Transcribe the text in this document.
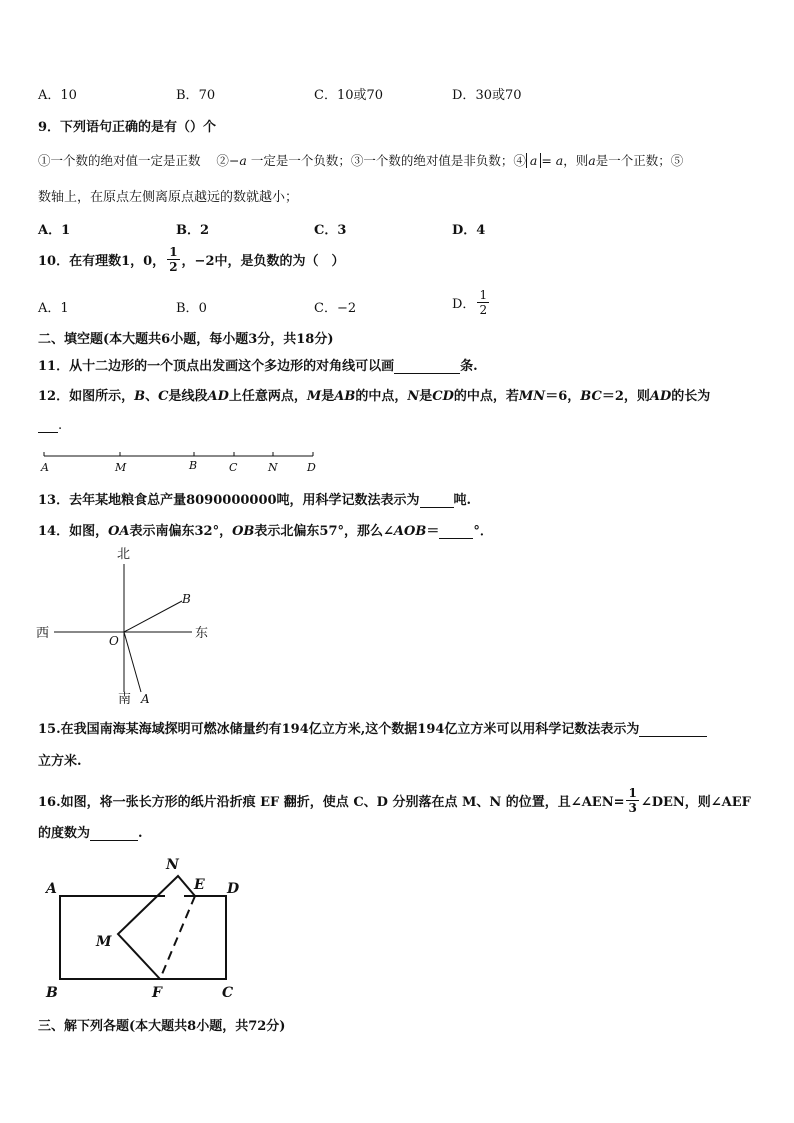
A．10	B．70	C．10或70	D．30或70
9．下列语句正确的是有（）个
①一个数的绝对值一定是正数 ②−a 一定是一个负数；③一个数的绝对值是非负数；④ a = a，则a是一个正数；⑤
数轴上，在原点左侧离原点越远的数就越小；
A．1	B．2	C．3	D．4
10．在有理数1，0， $\frac{1}{2}$ ，−2中，是负数的为（　）
A．1	B．0	C．−2	D． $\frac{1}{2}$
二、填空题(本大题共6小题，每小题3分，共18分)
11．从十二边形的一个顶点出发画这个多边形的对角线可以画	条.
12．如图所示，B、C是线段AD上任意两点，M是AB的中点，N是CD的中点，若MN＝6，BC＝2，则AD的长为
.
A	M	B	C	N	D
13．去年某地粮食总产量8090000000吨，用科学记数法表示为	吨.
14．如图，OA表示南偏东32°，OB表示北偏东57°，那么∠AOB＝	°．
北
南
西	东
O
A
B
15.在我国南海某海域探明可燃冰储量约有194亿立方米,这个数据194亿立方米可以用科学记数法表示为
立方米.
16.如图，将一张长方形的纸片沿折痕 EF 翻折，使点 C、D 分别落在点 M、N 的位置，且∠AEN= $\frac{1}{3}$ ∠DEN，则∠AEF
的度数为	.
A
B	C
D
E
F
M
N
三、解下列各题(本大题共8小题，共72分)
